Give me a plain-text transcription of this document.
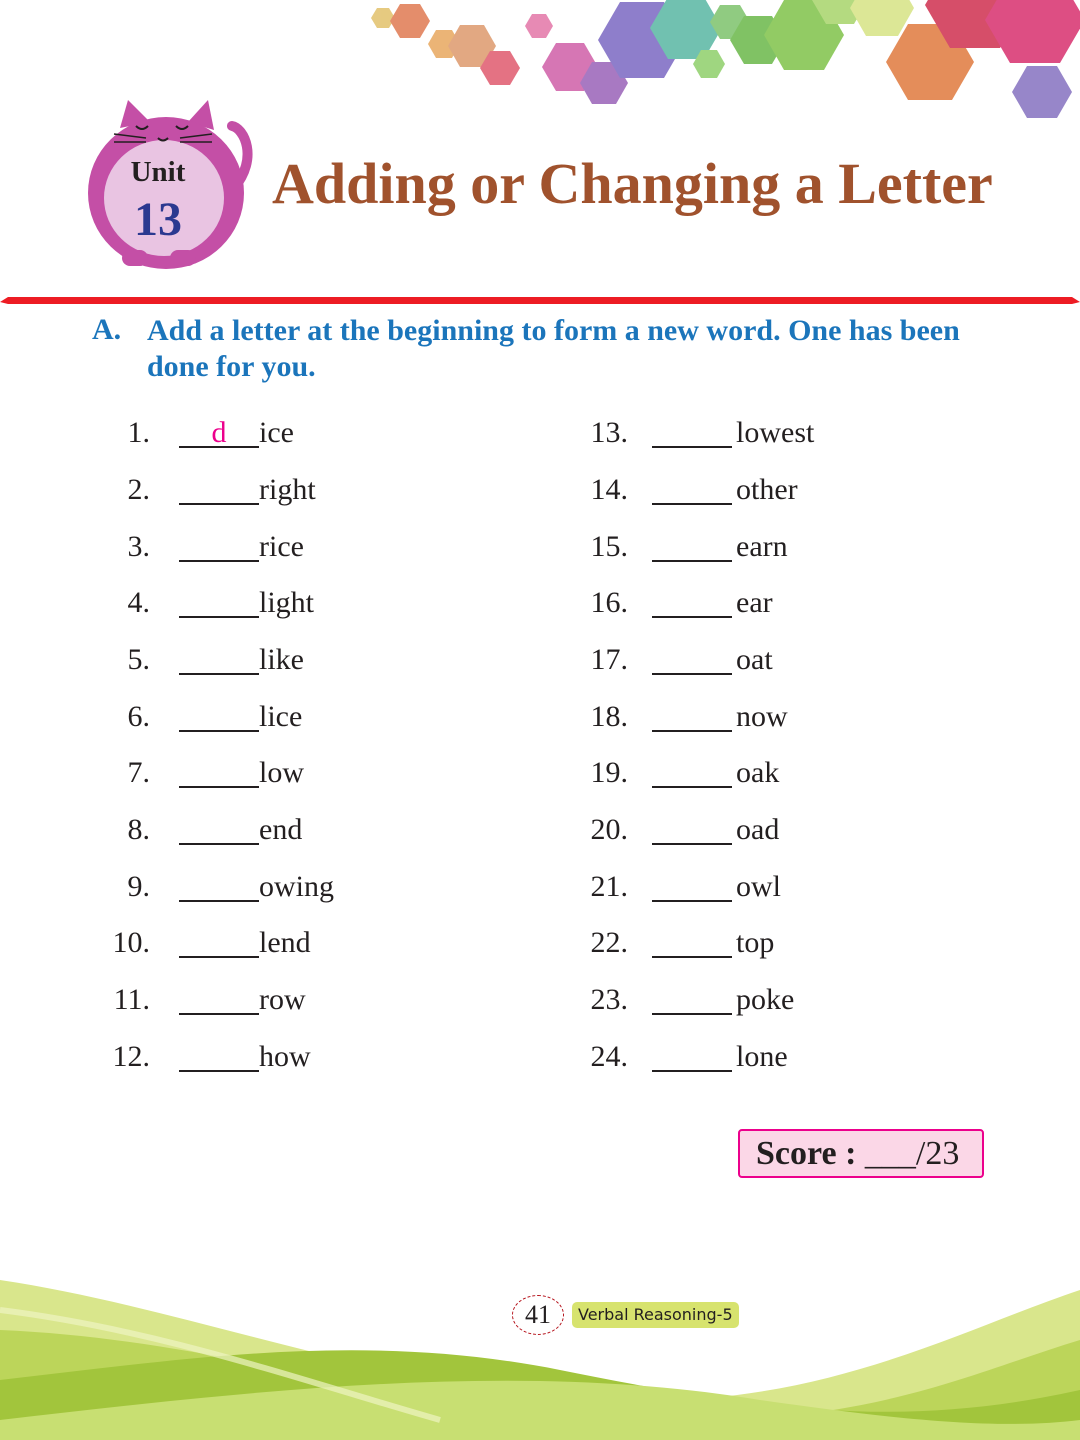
Unit
13
Adding or Changing a Letter
A. Add a letter at the beginning to form a new word. One has been done for you.

1.	d	ice
2.	right
3.	rice
4.	light
5.	like
6.	lice
7.	low
8.	end
9.	owing
10.	lend
11.	row
12.	how
13.	lowest
14.	other
15.	earn
16.	ear
17.	oat
18.	now
19.	oak
20.	oad
21.	owl
22.	top
23.	poke
24.	lone
Score : ___/23
41	Verbal Reasoning-5
